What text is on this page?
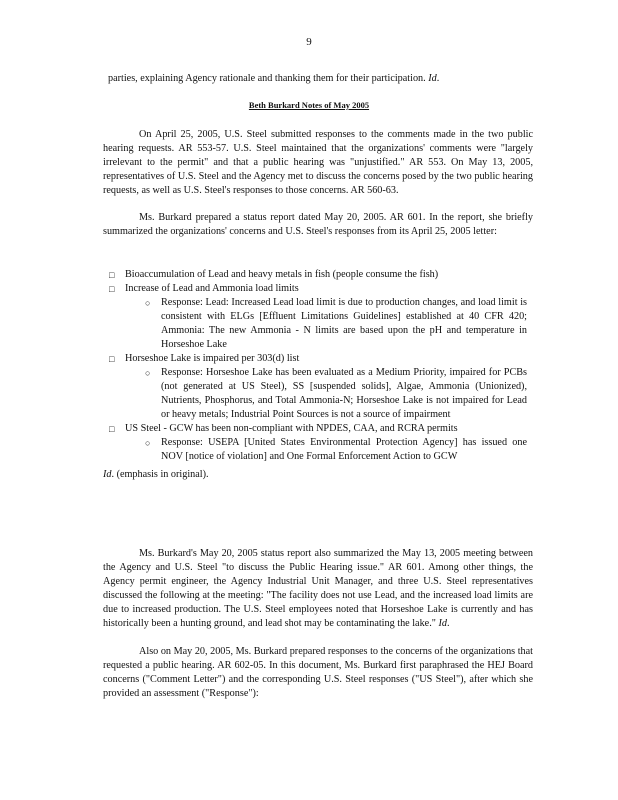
9
parties, explaining Agency rationale and thanking them for their participation. Id.
Beth Burkard Notes of May 2005
On April 25, 2005, U.S. Steel submitted responses to the comments made in the two public hearing requests. AR 553-57. U.S. Steel maintained that the organizations' comments were "largely irrelevant to the permit" and that a public hearing was "unjustified." AR 553. On May 13, 2005, representatives of U.S. Steel and the Agency met to discuss the concerns posed by the two public hearing requests, as well as U.S. Steel's responses to those concerns. AR 560-63.
Ms. Burkard prepared a status report dated May 20, 2005. AR 601. In the report, she briefly summarized the organizations' concerns and U.S. Steel's responses from its April 25, 2005 letter:
□ Bioaccumulation of Lead and heavy metals in fish (people consume the fish)
□ Increase of Lead and Ammonia load limits
○ Response: Lead: Increased Lead load limit is due to production changes, and load limit is consistent with ELGs [Effluent Limitations Guidelines] established at 40 CFR 420; Ammonia: The new Ammonia - N limits are based upon the pH and temperature in Horseshoe Lake
□ Horseshoe Lake is impaired per 303(d) list
○ Response: Horseshoe Lake has been evaluated as a Medium Priority, impaired for PCBs (not generated at US Steel), SS [suspended solids], Algae, Ammonia (Unionized), Nutrients, Phosphorus, and Total Ammonia-N; Horseshoe Lake is not impaired for Lead or heavy metals; Industrial Point Sources is not a source of impairment
□ US Steel - GCW has been non-compliant with NPDES, CAA, and RCRA permits
○ Response: USEPA [United States Environmental Protection Agency] has issued one NOV [notice of violation] and One Formal Enforcement Action to GCW
Id. (emphasis in original).
Ms. Burkard's May 20, 2005 status report also summarized the May 13, 2005 meeting between the Agency and U.S. Steel "to discuss the Public Hearing issue." AR 601. Among other things, the Agency permit engineer, the Agency Industrial Unit Manager, and three U.S. Steel representatives discussed the following at the meeting: "The facility does not use Lead, and the increased load limits are due to increased production. The U.S. Steel employees noted that Horseshoe Lake is currently and has historically been a hunting ground, and lead shot may be contaminating the lake." Id.
Also on May 20, 2005, Ms. Burkard prepared responses to the concerns of the organizations that requested a public hearing. AR 602-05. In this document, Ms. Burkard first paraphrased the HEJ Board concerns ("Comment Letter") and the corresponding U.S. Steel responses ("US Steel"), after which she provided an assessment ("Response"):
